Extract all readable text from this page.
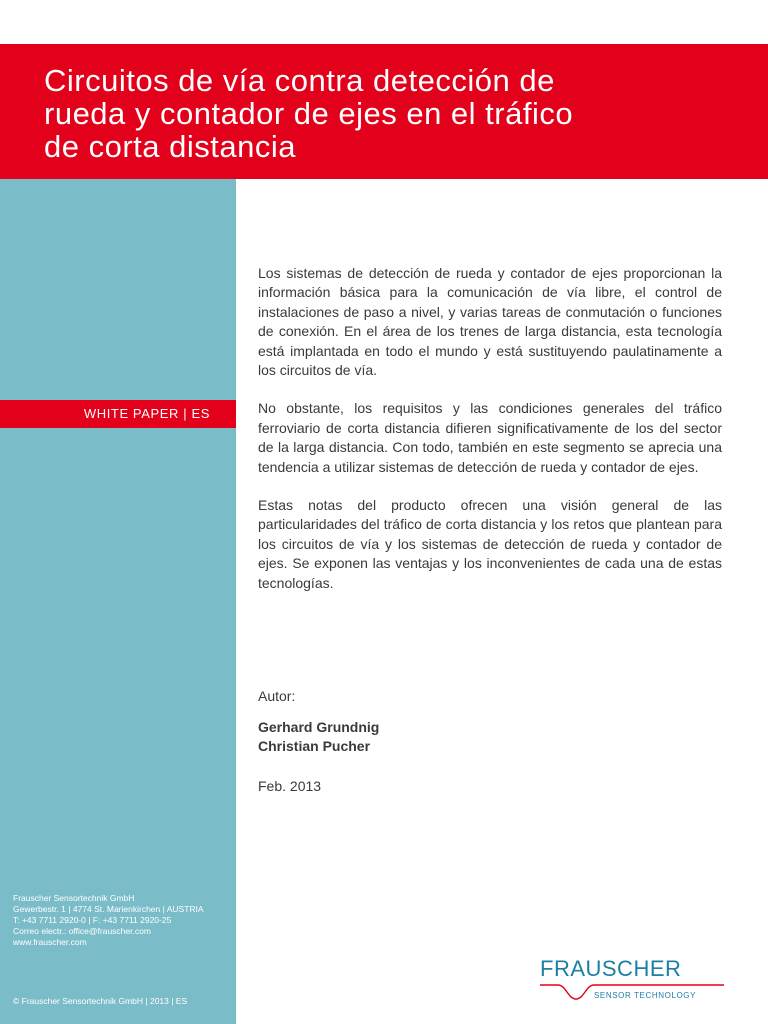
Circuitos de vía contra detección de
rueda y contador de ejes en el tráfico
de corta distancia
WHITE PAPER | ES
Frauscher Sensortechnik GmbH
Gewerbestr. 1 | 4774 St. Marienkirchen | AUSTRIA
T: +43 7711 2920-0 | F: +43 7711 2920-25
Correo electr.: office@frauscher.com
www.frauscher.com
© Frauscher Sensortechnik GmbH | 2013 | ES

Los sistemas de detección de rueda y contador de ejes proporcionan la información básica para la comunicación de vía libre, el control de instalaciones de paso a nivel, y varias tareas de conmutación o funciones de conexión. En el área de los trenes de larga distancia, esta tecnología está implantada en todo el mundo y está sustituyendo paulatinamente a los circuitos de vía.

No obstante, los requisitos y las condiciones generales del tráfico ferroviario de corta distancia difieren significativamente de los del sector de la larga distancia. Con todo, también en este segmento se aprecia una tendencia a utilizar sistemas de detección de rueda y contador de ejes.

Estas notas del producto ofrecen una visión general de las particularidades del tráfico de corta distancia y los retos que plantean para los circuitos de vía y los sistemas de detección de rueda y contador de ejes. Se exponen las ventajas y los inconvenientes de cada una de estas tecnologías.

Autor:
Gerhard Grundnig
Christian Pucher
Feb. 2013
FRAUSCHER
SENSOR TECHNOLOGY
